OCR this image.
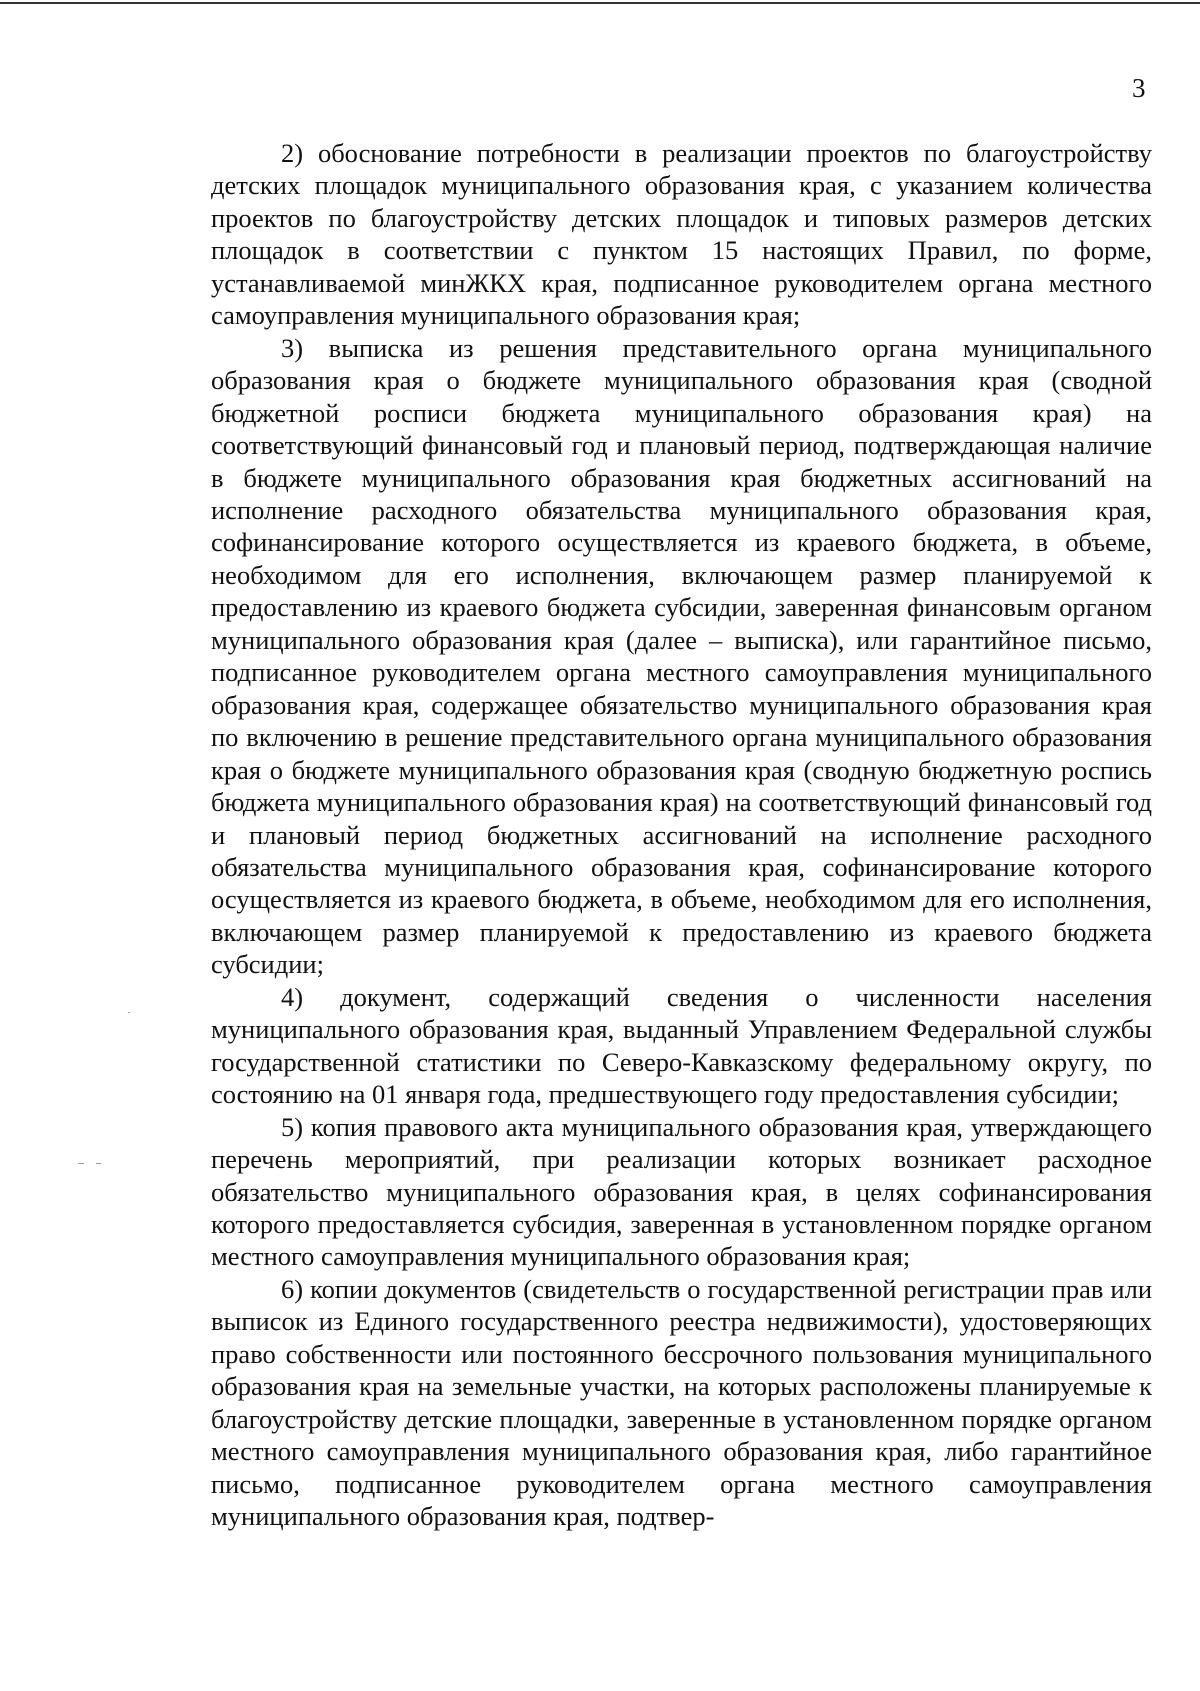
3

2) обоснование потребности в реализации проектов по благоустройству детских площадок муниципального образования края, с указанием количества проектов по благоустройству детских площадок и типовых размеров детских площадок в соответствии с пунктом 15 настоящих Правил, по форме, устанавливаемой минЖКХ края, подписанное руководителем органа местного самоуправления муниципального образования края;

3) выписка из решения представительного органа муниципального образования края о бюджете муниципального образования края (сводной бюджетной росписи бюджета муниципального образования края) на соответствующий финансовый год и плановый период, подтверждающая наличие в бюджете муниципального образования края бюджетных ассигнований на исполнение расходного обязательства муниципального образования края, софинансирование которого осуществляется из краевого бюджета, в объеме, необходимом для его исполнения, включающем размер планируемой к предоставлению из краевого бюджета субсидии, заверенная финансовым органом муниципального образования края (далее – выписка), или гарантийное письмо, подписанное руководителем органа местного самоуправления муниципального образования края, содержащее обязательство муниципального образования края по включению в решение представительного органа муниципального образования края о бюджете муниципального образования края (сводную бюджетную роспись бюджета муниципального образования края) на соответствующий финансовый год и плановый период бюджетных ассигнований на исполнение расходного обязательства муниципального образования края, софинансирование которого осуществляется из краевого бюджета, в объеме, необходимом для его исполнения, включающем размер планируемой к предоставлению из краевого бюджета субсидии;

4) документ, содержащий сведения о численности населения муниципального образования края, выданный Управлением Федеральной службы государственной статистики по Северо-Кавказскому федеральному округу, по состоянию на 01 января года, предшествующего году предоставления субсидии;

5) копия правового акта муниципального образования края, утверждающего перечень мероприятий, при реализации которых возникает расходное обязательство муниципального образования края, в целях софинансирования которого предоставляется субсидия, заверенная в установленном порядке органом местного самоуправления муниципального образования края;

6) копии документов (свидетельств о государственной регистрации прав или выписок из Единого государственного реестра недвижимости), удостоверяющих право собственности или постоянного бессрочного пользования муниципального образования края на земельные участки, на которых расположены планируемые к благоустройству детские площадки, заверенные в установленном порядке органом местного самоуправления муниципального образования края, либо гарантийное письмо, подписанное руководителем органа местного самоуправления муниципального образования края, подтвер-
